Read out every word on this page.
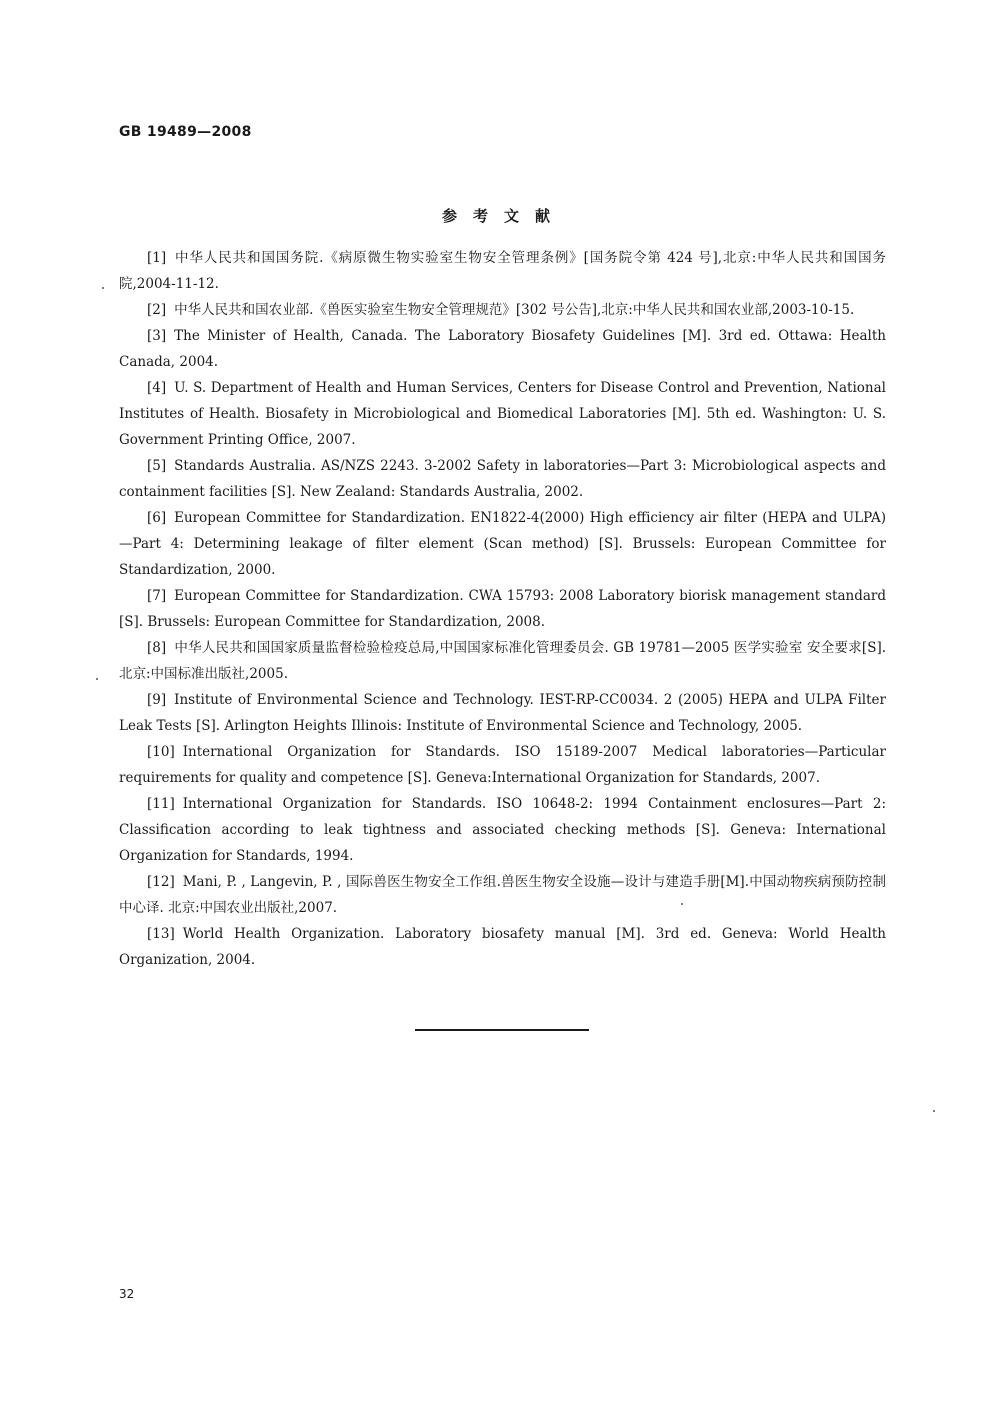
GB 19489—2008
参考文献
[1] 中华人民共和国国务院.《病原微生物实验室生物安全管理条例》[国务院令第 424 号],北京:中华人民共和国国务院,2004-11-12.
[2] 中华人民共和国农业部.《兽医实验室生物安全管理规范》[302 号公告],北京:中华人民共和国农业部,2003-10-15.
[3] The Minister of Health, Canada. The Laboratory Biosafety Guidelines [M]. 3rd ed. Ottawa: Health Canada, 2004.
[4] U. S. Department of Health and Human Services, Centers for Disease Control and Prevention, National Institutes of Health. Biosafety in Microbiological and Biomedical Laboratories [M]. 5th ed. Washington: U. S. Government Printing Office, 2007.
[5] Standards Australia. AS/NZS 2243. 3-2002 Safety in laboratories—Part 3: Microbiological aspects and containment facilities [S]. New Zealand: Standards Australia, 2002.
[6] European Committee for Standardization. EN1822-4(2000) High efficiency air filter (HEPA and ULPA)—Part 4: Determining leakage of filter element (Scan method) [S]. Brussels: European Committee for Standardization, 2000.
[7] European Committee for Standardization. CWA 15793: 2008 Laboratory biorisk management standard [S]. Brussels: European Committee for Standardization, 2008.
[8] 中华人民共和国国家质量监督检验检疫总局,中国国家标准化管理委员会. GB 19781—2005 医学实验室 安全要求[S].北京:中国标准出版社,2005.
[9] Institute of Environmental Science and Technology. IEST-RP-CC0034. 2 (2005) HEPA and ULPA Filter Leak Tests [S]. Arlington Heights Illinois: Institute of Environmental Science and Technology, 2005.
[10] International Organization for Standards. ISO 15189-2007 Medical laboratories—Particular requirements for quality and competence [S]. Geneva:International Organization for Standards, 2007.
[11] International Organization for Standards. ISO 10648-2: 1994 Containment enclosures—Part 2: Classification according to leak tightness and associated checking methods [S]. Geneva: International Organization for Standards, 1994.
[12] Mani, P. , Langevin, P. , 国际兽医生物安全工作组.兽医生物安全设施—设计与建造手册[M].中国动物疾病预防控制中心译. 北京:中国农业出版社,2007.
[13] World Health Organization. Laboratory biosafety manual [M]. 3rd ed. Geneva: World Health Organization, 2004.
32
